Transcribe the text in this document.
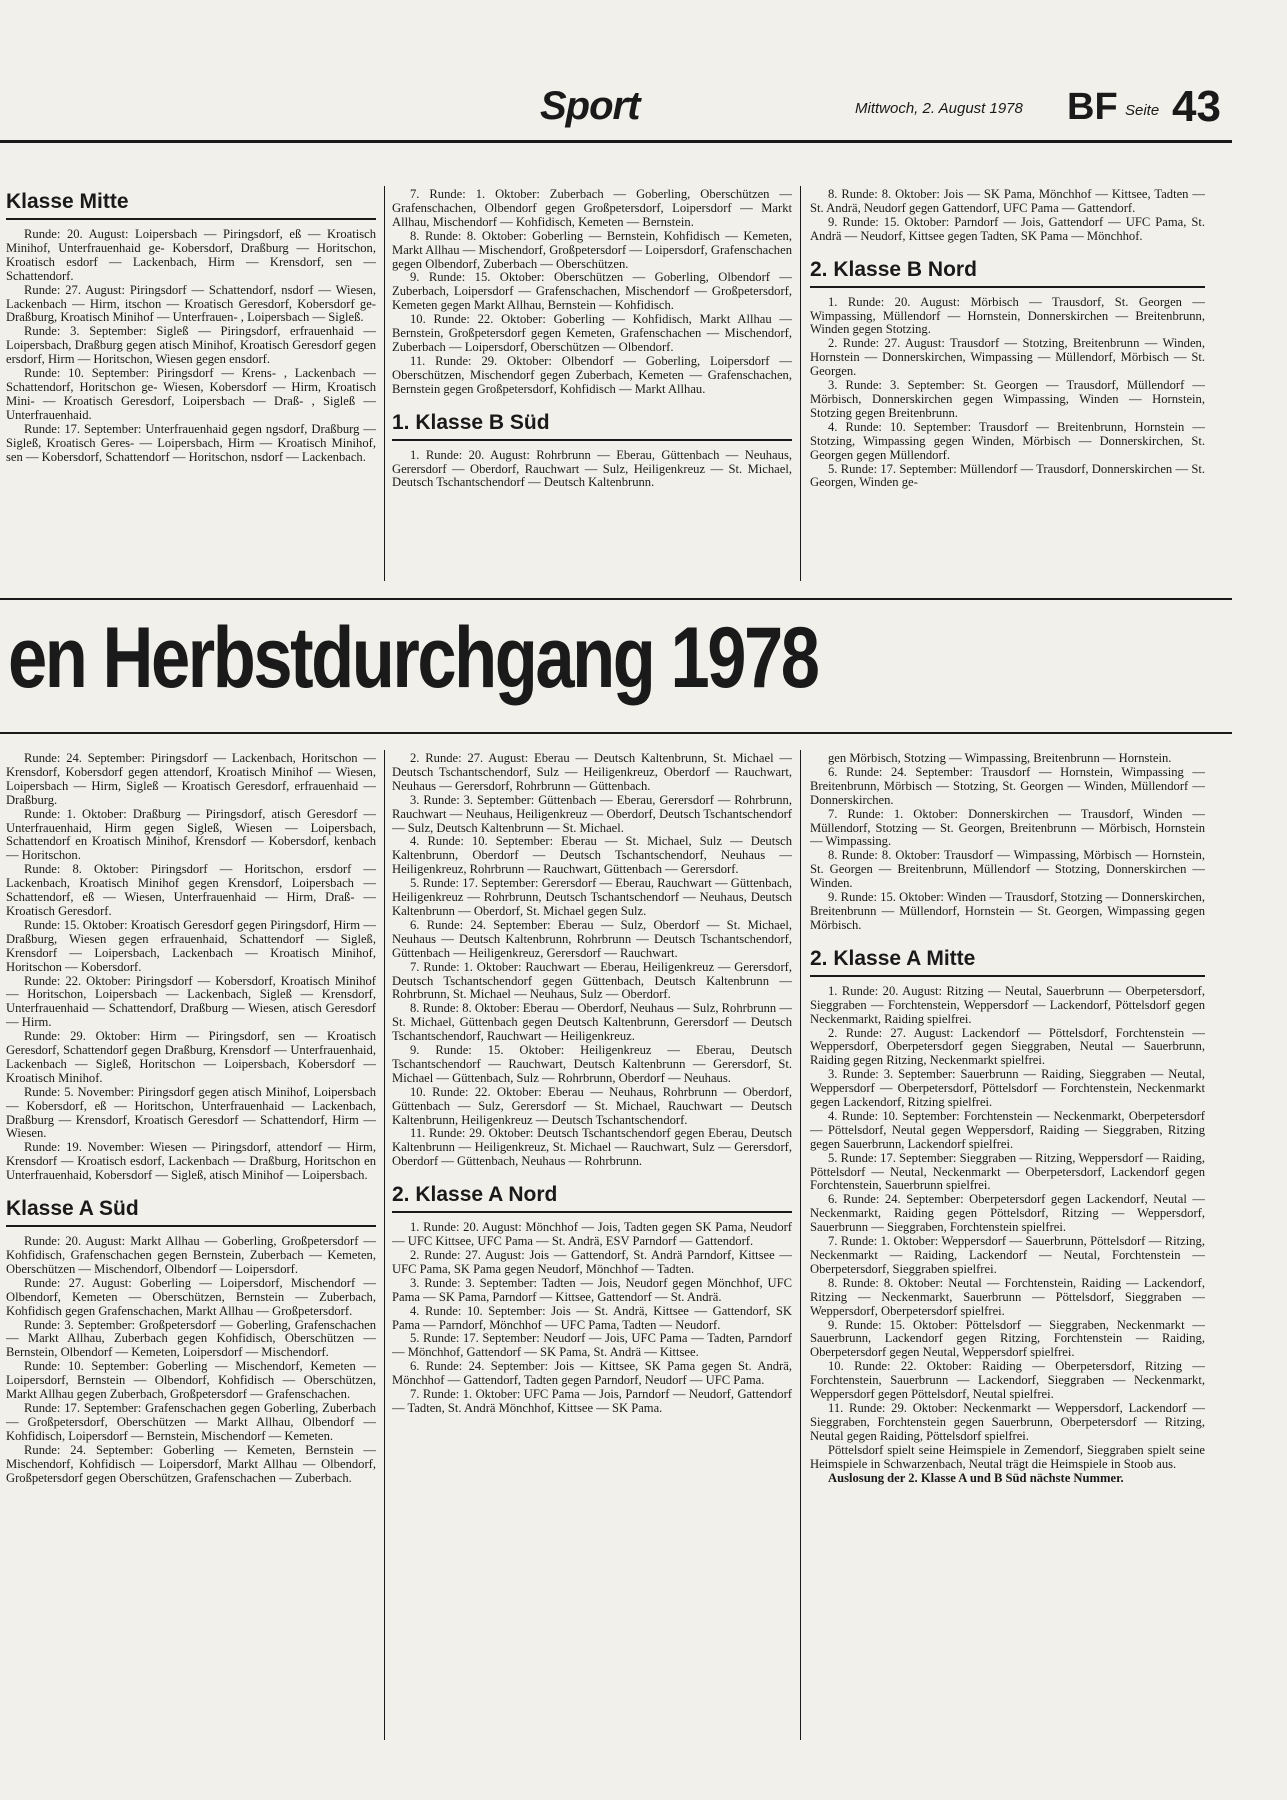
Sport	Mittwoch, 2. August 1978 BF Seite 43
Klasse Mitte

Runde: 20. August: Loipersbach — Piringsdorf, eß — Kroatisch Minihof, Unterfrauenhaid ge- Kobersdorf, Draßburg — Horitschon, Kroatisch esdorf — Lackenbach, Hirm — Krensdorf, sen — Schattendorf.

Runde: 27. August: Piringsdorf — Schattendorf, nsdorf — Wiesen, Lackenbach — Hirm, itschon — Kroatisch Geresdorf, Kobersdorf ge- Draßburg, Kroatisch Minihof — Unterfrauen- , Loipersbach — Sigleß.

Runde: 3. September: Sigleß — Piringsdorf, erfrauenhaid — Loipersbach, Draßburg gegen atisch Minihof, Kroatisch Geresdorf gegen ersdorf, Hirm — Horitschon, Wiesen gegen ensdorf.

Runde: 10. September: Piringsdorf — Krens- , Lackenbach — Schattendorf, Horitschon ge- Wiesen, Kobersdorf — Hirm, Kroatisch Mini- — Kroatisch Geresdorf, Loipersbach — Draß- , Sigleß — Unterfrauenhaid.

Runde: 17. September: Unterfrauenhaid gegen ngsdorf, Draßburg — Sigleß, Kroatisch Geres- — Loipersbach, Hirm — Kroatisch Minihof, sen — Kobersdorf, Schattendorf — Horitschon, nsdorf — Lackenbach.

7. Runde: 1. Oktober: Zuberbach — Goberling, Oberschützen — Grafenschachen, Olbendorf gegen Großpetersdorf, Loipersdorf — Markt Allhau, Mischendorf — Kohfidisch, Kemeten — Bernstein.

8. Runde: 8. Oktober: Goberling — Bernstein, Kohfidisch — Kemeten, Markt Allhau — Mischendorf, Großpetersdorf — Loipersdorf, Grafenschachen gegen Olbendorf, Zuberbach — Oberschützen.

9. Runde: 15. Oktober: Oberschützen — Goberling, Olbendorf — Zuberbach, Loipersdorf — Grafenschachen, Mischendorf — Großpetersdorf, Kemeten gegen Markt Allhau, Bernstein — Kohfidisch.

10. Runde: 22. Oktober: Goberling — Kohfidisch, Markt Allhau — Bernstein, Großpetersdorf gegen Kemeten, Grafenschachen — Mischendorf, Zuberbach — Loipersdorf, Oberschützen — Olbendorf.

11. Runde: 29. Oktober: Olbendorf — Goberling, Loipersdorf — Oberschützen, Mischendorf gegen Zuberbach, Kemeten — Grafenschachen, Bernstein gegen Großpetersdorf, Kohfidisch — Markt Allhau.

1. Klasse B Süd

1. Runde: 20. August: Rohrbrunn — Eberau, Güttenbach — Neuhaus, Gerersdorf — Oberdorf, Rauchwart — Sulz, Heiligenkreuz — St. Michael, Deutsch Tschantschendorf — Deutsch Kaltenbrunn.

8. Runde: 8. Oktober: Jois — SK Pama, Mönchhof — Kittsee, Tadten — St. Andrä, Neudorf gegen Gattendorf, UFC Pama — Gattendorf.

9. Runde: 15. Oktober: Parndorf — Jois, Gattendorf — UFC Pama, St. Andrä — Neudorf, Kittsee gegen Tadten, SK Pama — Mönchhof.

2. Klasse B Nord

1. Runde: 20. August: Mörbisch — Trausdorf, St. Georgen — Wimpassing, Müllendorf — Hornstein, Donnerskirchen — Breitenbrunn, Winden gegen Stotzing.

2. Runde: 27. August: Trausdorf — Stotzing, Breitenbrunn — Winden, Hornstein — Donnerskirchen, Wimpassing — Müllendorf, Mörbisch — St. Georgen.

3. Runde: 3. September: St. Georgen — Trausdorf, Müllendorf — Mörbisch, Donnerskirchen gegen Wimpassing, Winden — Hornstein, Stotzing gegen Breitenbrunn.

4. Runde: 10. September: Trausdorf — Breitenbrunn, Hornstein — Stotzing, Wimpassing gegen Winden, Mörbisch — Donnerskirchen, St. Georgen gegen Müllendorf.

5. Runde: 17. September: Müllendorf — Trausdorf, Donnerskirchen — St. Georgen, Winden ge-

en Herbstdurchgang 1978

Runde: 24. September: Piringsdorf — Lackenbach, Horitschon — Krensdorf, Kobersdorf gegen attendorf, Kroatisch Minihof — Wiesen, Loipersbach — Hirm, Sigleß — Kroatisch Geresdorf, erfrauenhaid — Draßburg.

Runde: 1. Oktober: Draßburg — Piringsdorf, atisch Geresdorf — Unterfrauenhaid, Hirm gegen Sigleß, Wiesen — Loipersbach, Schattendorf en Kroatisch Minihof, Krensdorf — Kobersdorf, kenbach — Horitschon.

Runde: 8. Oktober: Piringsdorf — Horitschon, ersdorf — Lackenbach, Kroatisch Minihof gegen Krensdorf, Loipersbach — Schattendorf, eß — Wiesen, Unterfrauenhaid — Hirm, Draß- — Kroatisch Geresdorf.

Runde: 15. Oktober: Kroatisch Geresdorf gegen Piringsdorf, Hirm — Draßburg, Wiesen gegen erfrauenhaid, Schattendorf — Sigleß, Krensdorf — Loipersbach, Lackenbach — Kroatisch Minihof, Horitschon — Kobersdorf.

Runde: 22. Oktober: Piringsdorf — Kobersdorf, Kroatisch Minihof — Horitschon, Loipersbach — Lackenbach, Sigleß — Krensdorf, Unterfrauenhaid — Schattendorf, Draßburg — Wiesen, atisch Geresdorf — Hirm.

Runde: 29. Oktober: Hirm — Piringsdorf, sen — Kroatisch Geresdorf, Schattendorf gegen Draßburg, Krensdorf — Unterfrauenhaid, Lackenbach — Sigleß, Horitschon — Loipersbach, Kobersdorf — Kroatisch Minihof.

Runde: 5. November: Piringsdorf gegen atisch Minihof, Loipersbach — Kobersdorf, eß — Horitschon, Unterfrauenhaid — Lackenbach, Draßburg — Krensdorf, Kroatisch Geresdorf — Schattendorf, Hirm — Wiesen.

Runde: 19. November: Wiesen — Piringsdorf, attendorf — Hirm, Krensdorf — Kroatisch esdorf, Lackenbach — Draßburg, Horitschon en Unterfrauenhaid, Kobersdorf — Sigleß, atisch Minihof — Loipersbach.

Klasse A Süd

Runde: 20. August: Markt Allhau — Goberling, Großpetersdorf — Kohfidisch, Grafenschachen gegen Bernstein, Zuberbach — Kemeten, Oberschützen — Mischendorf, Olbendorf — Loipersdorf.

Runde: 27. August: Goberling — Loipersdorf, Mischendorf — Olbendorf, Kemeten — Oberschützen, Bernstein — Zuberbach, Kohfidisch gegen Grafenschachen, Markt Allhau — Großpetersdorf.

Runde: 3. September: Großpetersdorf — Goberling, Grafenschachen — Markt Allhau, Zuberbach gegen Kohfidisch, Oberschützen — Bernstein, Olbendorf — Kemeten, Loipersdorf — Mischendorf.

Runde: 10. September: Goberling — Mischendorf, Kemeten — Loipersdorf, Bernstein — Olbendorf, Kohfidisch — Oberschützen, Markt Allhau gegen Zuberbach, Großpetersdorf — Grafenschachen.

Runde: 17. September: Grafenschachen gegen Goberling, Zuberbach — Großpetersdorf, Oberschützen — Markt Allhau, Olbendorf — Kohfidisch, Loipersdorf — Bernstein, Mischendorf — Kemeten.

Runde: 24. September: Goberling — Kemeten, Bernstein — Mischendorf, Kohfidisch — Loipersdorf, Markt Allhau — Olbendorf, Großpetersdorf gegen Oberschützen, Grafenschachen — Zuberbach.

2. Runde: 27. August: Eberau — Deutsch Kaltenbrunn, St. Michael — Deutsch Tschantschendorf, Sulz — Heiligenkreuz, Oberdorf — Rauchwart, Neuhaus — Gerersdorf, Rohrbrunn — Güttenbach.

3. Runde: 3. September: Güttenbach — Eberau, Gerersdorf — Rohrbrunn, Rauchwart — Neuhaus, Heiligenkreuz — Oberdorf, Deutsch Tschantschendorf — Sulz, Deutsch Kaltenbrunn — St. Michael.

4. Runde: 10. September: Eberau — St. Michael, Sulz — Deutsch Kaltenbrunn, Oberdorf — Deutsch Tschantschendorf, Neuhaus — Heiligenkreuz, Rohrbrunn — Rauchwart, Güttenbach — Gerersdorf.

5. Runde: 17. September: Gerersdorf — Eberau, Rauchwart — Güttenbach, Heiligenkreuz — Rohrbrunn, Deutsch Tschantschendorf — Neuhaus, Deutsch Kaltenbrunn — Oberdorf, St. Michael gegen Sulz.

6. Runde: 24. September: Eberau — Sulz, Oberdorf — St. Michael, Neuhaus — Deutsch Kaltenbrunn, Rohrbrunn — Deutsch Tschantschendorf, Güttenbach — Heiligenkreuz, Gerersdorf — Rauchwart.

7. Runde: 1. Oktober: Rauchwart — Eberau, Heiligenkreuz — Gerersdorf, Deutsch Tschantschendorf gegen Güttenbach, Deutsch Kaltenbrunn — Rohrbrunn, St. Michael — Neuhaus, Sulz — Oberdorf.

8. Runde: 8. Oktober: Eberau — Oberdorf, Neuhaus — Sulz, Rohrbrunn — St. Michael, Güttenbach gegen Deutsch Kaltenbrunn, Gerersdorf — Deutsch Tschantschendorf, Rauchwart — Heiligenkreuz.

9. Runde: 15. Oktober: Heiligenkreuz — Eberau, Deutsch Tschantschendorf — Rauchwart, Deutsch Kaltenbrunn — Gerersdorf, St. Michael — Güttenbach, Sulz — Rohrbrunn, Oberdorf — Neuhaus.

10. Runde: 22. Oktober: Eberau — Neuhaus, Rohrbrunn — Oberdorf, Güttenbach — Sulz, Gerersdorf — St. Michael, Rauchwart — Deutsch Kaltenbrunn, Heiligenkreuz — Deutsch Tschantschendorf.

11. Runde: 29. Oktober: Deutsch Tschantschendorf gegen Eberau, Deutsch Kaltenbrunn — Heiligenkreuz, St. Michael — Rauchwart, Sulz — Gerersdorf, Oberdorf — Güttenbach, Neuhaus — Rohrbrunn.

2. Klasse A Nord

1. Runde: 20. August: Mönchhof — Jois, Tadten gegen SK Pama, Neudorf — UFC Kittsee, UFC Pama — St. Andrä, ESV Parndorf — Gattendorf.

2. Runde: 27. August: Jois — Gattendorf, St. Andrä Parndorf, Kittsee — UFC Pama, SK Pama gegen Neudorf, Mönchhof — Tadten.

3. Runde: 3. September: Tadten — Jois, Neudorf gegen Mönchhof, UFC Pama — SK Pama, Parndorf — Kittsee, Gattendorf — St. Andrä.

4. Runde: 10. September: Jois — St. Andrä, Kittsee — Gattendorf, SK Pama — Parndorf, Mönchhof — UFC Pama, Tadten — Neudorf.

5. Runde: 17. September: Neudorf — Jois, UFC Pama — Tadten, Parndorf — Mönchhof, Gattendorf — SK Pama, St. Andrä — Kittsee.

6. Runde: 24. September: Jois — Kittsee, SK Pama gegen St. Andrä, Mönchhof — Gattendorf, Tadten gegen Parndorf, Neudorf — UFC Pama.

7. Runde: 1. Oktober: UFC Pama — Jois, Parndorf — Neudorf, Gattendorf — Tadten, St. Andrä Mönchhof, Kittsee — SK Pama.

gen Mörbisch, Stotzing — Wimpassing, Breitenbrunn — Hornstein.

6. Runde: 24. September: Trausdorf — Hornstein, Wimpassing — Breitenbrunn, Mörbisch — Stotzing, St. Georgen — Winden, Müllendorf — Donnerskirchen.

7. Runde: 1. Oktober: Donnerskirchen — Trausdorf, Winden — Müllendorf, Stotzing — St. Georgen, Breitenbrunn — Mörbisch, Hornstein — Wimpassing.

8. Runde: 8. Oktober: Trausdorf — Wimpassing, Mörbisch — Hornstein, St. Georgen — Breitenbrunn, Müllendorf — Stotzing, Donnerskirchen — Winden.

9. Runde: 15. Oktober: Winden — Trausdorf, Stotzing — Donnerskirchen, Breitenbrunn — Müllendorf, Hornstein — St. Georgen, Wimpassing gegen Mörbisch.

2. Klasse A Mitte

1. Runde: 20. August: Ritzing — Neutal, Sauerbrunn — Oberpetersdorf, Sieggraben — Forchtenstein, Weppersdorf — Lackendorf, Pöttelsdorf gegen Neckenmarkt, Raiding spielfrei.

2. Runde: 27. August: Lackendorf — Pöttelsdorf, Forchtenstein — Weppersdorf, Oberpetersdorf gegen Sieggraben, Neutal — Sauerbrunn, Raiding gegen Ritzing, Neckenmarkt spielfrei.

3. Runde: 3. September: Sauerbrunn — Raiding, Sieggraben — Neutal, Weppersdorf — Oberpetersdorf, Pöttelsdorf — Forchtenstein, Neckenmarkt gegen Lackendorf, Ritzing spielfrei.

4. Runde: 10. September: Forchtenstein — Neckenmarkt, Oberpetersdorf — Pöttelsdorf, Neutal gegen Weppersdorf, Raiding — Sieggraben, Ritzing gegen Sauerbrunn, Lackendorf spielfrei.

5. Runde: 17. September: Sieggraben — Ritzing, Weppersdorf — Raiding, Pöttelsdorf — Neutal, Neckenmarkt — Oberpetersdorf, Lackendorf gegen Forchtenstein, Sauerbrunn spielfrei.

6. Runde: 24. September: Oberpetersdorf gegen Lackendorf, Neutal — Neckenmarkt, Raiding gegen Pöttelsdorf, Ritzing — Weppersdorf, Sauerbrunn — Sieggraben, Forchtenstein spielfrei.

7. Runde: 1. Oktober: Weppersdorf — Sauerbrunn, Pöttelsdorf — Ritzing, Neckenmarkt — Raiding, Lackendorf — Neutal, Forchtenstein — Oberpetersdorf, Sieggraben spielfrei.

8. Runde: 8. Oktober: Neutal — Forchtenstein, Raiding — Lackendorf, Ritzing — Neckenmarkt, Sauerbrunn — Pöttelsdorf, Sieggraben — Weppersdorf, Oberpetersdorf spielfrei.

9. Runde: 15. Oktober: Pöttelsdorf — Sieggraben, Neckenmarkt — Sauerbrunn, Lackendorf gegen Ritzing, Forchtenstein — Raiding, Oberpetersdorf gegen Neutal, Weppersdorf spielfrei.

10. Runde: 22. Oktober: Raiding — Oberpetersdorf, Ritzing — Forchtenstein, Sauerbrunn — Lackendorf, Sieggraben — Neckenmarkt, Weppersdorf gegen Pöttelsdorf, Neutal spielfrei.

11. Runde: 29. Oktober: Neckenmarkt — Weppersdorf, Lackendorf — Sieggraben, Forchtenstein gegen Sauerbrunn, Oberpetersdorf — Ritzing, Neutal gegen Raiding, Pöttelsdorf spielfrei.

Pöttelsdorf spielt seine Heimspiele in Zemendorf, Sieggraben spielt seine Heimspiele in Schwarzenbach, Neutal trägt die Heimspiele in Stoob aus.

Auslosung der 2. Klasse A und B Süd nächste Nummer.
